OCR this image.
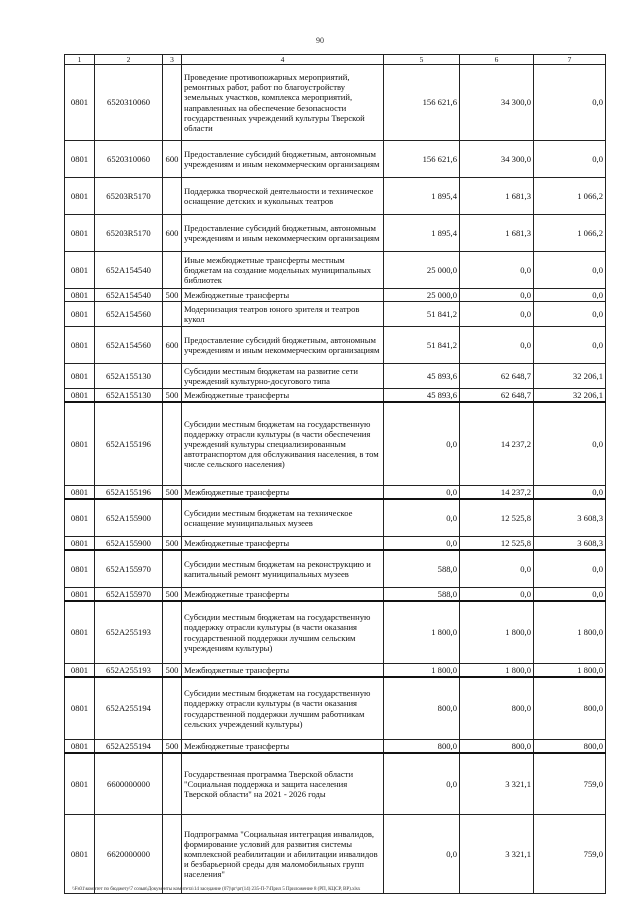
90
1	2	3	4	5	6	7
0801	6520310060		Проведение противопожарных мероприятий, ремонтных работ, работ по благоустройству земельных участков, комплекса мероприятий, направленных на обеспечение безопасности государственных учреждений культуры Тверской области	156 621,6	34 300,0	0,0
0801	6520310060	600	Предоставление субсидий бюджетным, автономным учреждениям и иным некоммерческим организациям	156 621,6	34 300,0	0,0
0801	65203R5170		Поддержка творческой деятельности и техническое оснащение детских и кукольных театров	1 895,4	1 681,3	1 066,2
0801	65203R5170	600	Предоставление субсидий бюджетным, автономным учреждениям и иным некоммерческим организациям	1 895,4	1 681,3	1 066,2
0801	652A154540		Иные межбюджетные трансферты местным бюджетам на создание модельных муниципальных библиотек	25 000,0	0,0	0,0
0801	652A154540	500	Межбюджетные трансферты	25 000,0	0,0	0,0
0801	652A154560		Модернизация театров юного зрителя и театров кукол	51 841,2	0,0	0,0
0801	652A154560	600	Предоставление субсидий бюджетным, автономным учреждениям и иным некоммерческим организациям	51 841,2	0,0	0,0
0801	652A155130		Субсидии местным бюджетам на развитие сети учреждений культурно-досугового типа	45 893,6	62 648,7	32 206,1
0801	652A155130	500	Межбюджетные трансферты	45 893,6	62 648,7	32 206,1
0801	652A155196		Субсидии местным бюджетам на государственную поддержку отрасли культуры (в части обеспечения учреждений культуры специализированным автотранспортом для обслуживания населения, в том числе сельского населения)	0,0	14 237,2	0,0
0801	652A155196	500	Межбюджетные трансферты	0,0	14 237,2	0,0
0801	652A155900		Субсидии местным бюджетам на техническое оснащение муниципальных музеев	0,0	12 525,8	3 608,3
0801	652A155900	500	Межбюджетные трансферты	0,0	12 525,8	3 608,3
0801	652A155970		Субсидии местным бюджетам на реконструкцию и капитальный ремонт муниципальных музеев	588,0	0,0	0,0
0801	652A155970	500	Межбюджетные трансферты	588,0	0,0	0,0
0801	652A255193		Субсидии местным бюджетам на государственную поддержку отрасли культуры (в части оказания государственной поддержки лучшим сельским учреждениям культуры)	1 800,0	1 800,0	1 800,0
0801	652A255193	500	Межбюджетные трансферты	1 800,0	1 800,0	1 800,0
0801	652A255194		Субсидии местным бюджетам на государственную поддержку отрасли культуры (в части оказания государственной поддержки лучшим работникам сельских учреждений культуры)	800,0	800,0	800,0
0801	652A255194	500	Межбюджетные трансферты	800,0	800,0	800,0
0801	6600000000		Государственная программа Тверской области "Социальная поддержка и защита населения Тверской области" на 2021 - 2026 годы	0,0	3 321,1	759,0
0801	6620000000		Подпрограмма "Социальная интеграция инвалидов, формирование условий для развития системы комплексной реабилитации и абилитации инвалидов и безбарьерной среды для маломобильных групп населения"	0,0	3 321,1	759,0
\\Fs01\комитет по бюджету\7 созыв\Документы комитета\14 заседание (07)\рг\рг(14) 235-П-7\Прил 5 Приложение 8 (РП, КЦСР, ВР).xlsx
